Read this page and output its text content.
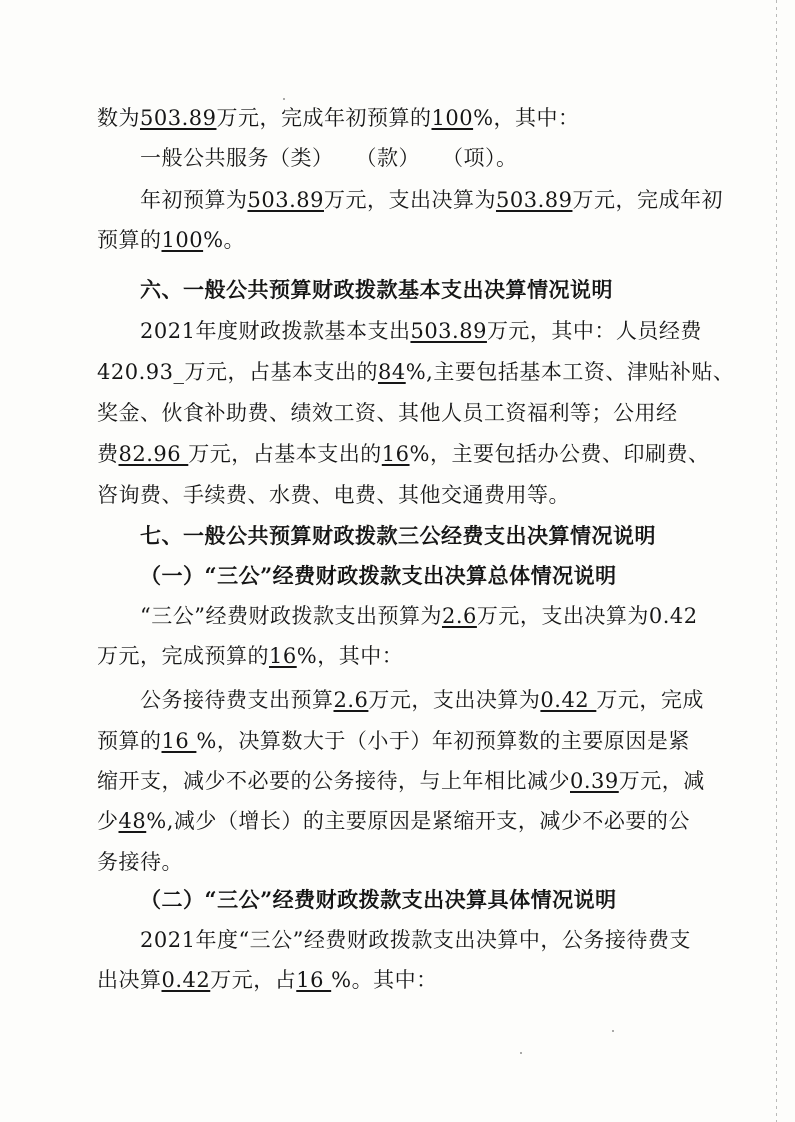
数为503.89万元，完成年初预算的100%，其中：
一般公共服务（类）　　（款）　　（项）。
年初预算为503.89万元，支出决算为503.89万元，完成年初
预算的100%。
六、一般公共预算财政拨款基本支出决算情况说明
2021年度财政拨款基本支出503.89万元，其中：人员经费
420.93_万元，占基本支出的84%,主要包括基本工资、津贴补贴、
奖金、伙食补助费、绩效工资、其他人员工资福利等；公用经
费82.96 万元，占基本支出的16%，主要包括办公费、印刷费、
咨询费、手续费、水费、电费、其他交通费用等。
七、一般公共预算财政拨款三公经费支出决算情况说明
（一）“三公”经费财政拨款支出决算总体情况说明
“三公”经费财政拨款支出预算为2.6万元，支出决算为0.42
万元，完成预算的16%，其中：
公务接待费支出预算2.6万元，支出决算为0.42 万元，完成
预算的16 %，决算数大于（小于）年初预算数的主要原因是紧
缩开支，减少不必要的公务接待，与上年相比减少0.39万元，减
少48%,减少（增长）的主要原因是紧缩开支，减少不必要的公
务接待。
（二）“三公”经费财政拨款支出决算具体情况说明
2021年度“三公”经费财政拨款支出决算中，公务接待费支
出决算0.42万元，占16 %。其中：
